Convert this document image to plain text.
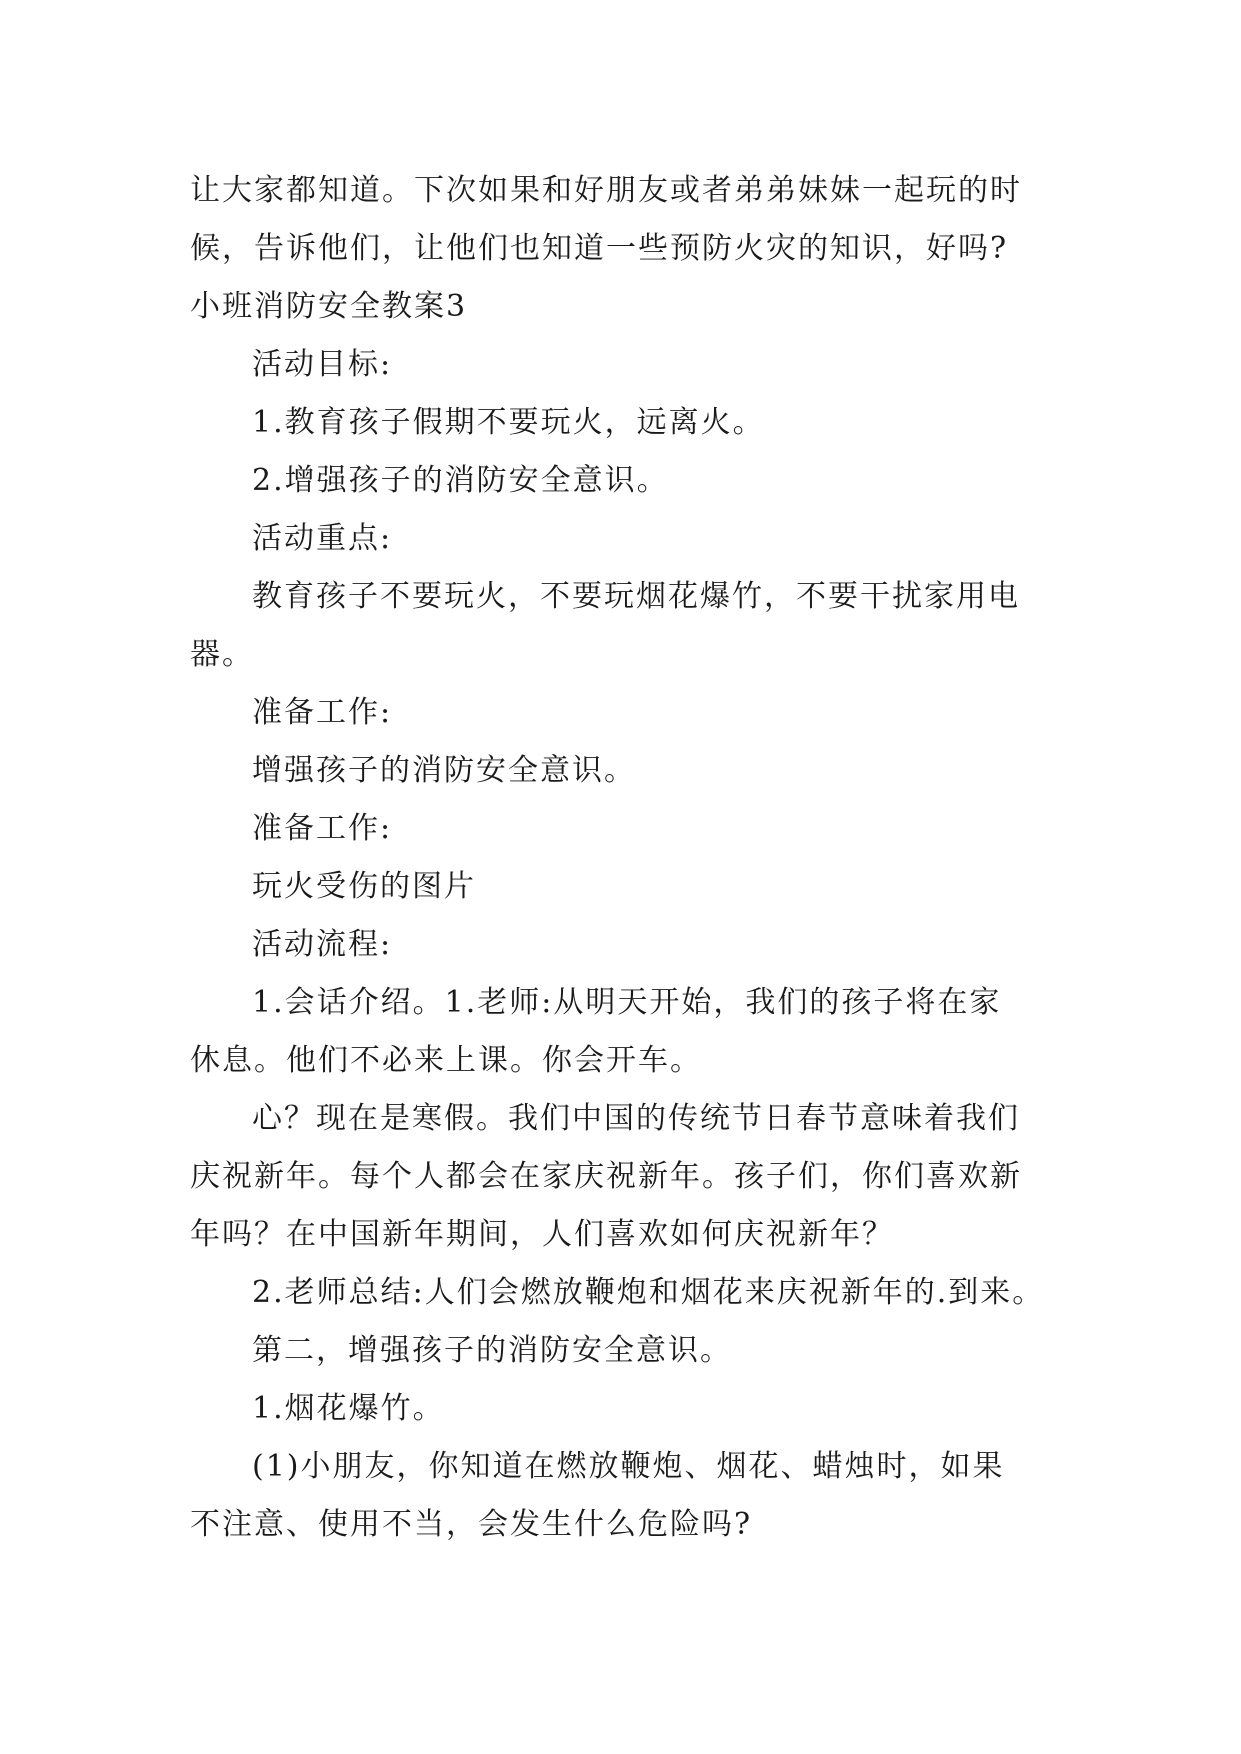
让大家都知道。下次如果和好朋友或者弟弟妹妹一起玩的时
候，告诉他们，让他们也知道一些预防火灾的知识，好吗?
小班消防安全教案3
活动目标:
1.教育孩子假期不要玩火，远离火。
2.增强孩子的消防安全意识。
活动重点:
教育孩子不要玩火，不要玩烟花爆竹，不要干扰家用电
器。
准备工作:
增强孩子的消防安全意识。
准备工作:
玩火受伤的图片
活动流程:
1.会话介绍。1.老师:从明天开始，我们的孩子将在家
休息。他们不必来上课。你会开车。
心？现在是寒假。我们中国的传统节日春节意味着我们
庆祝新年。每个人都会在家庆祝新年。孩子们，你们喜欢新
年吗？在中国新年期间，人们喜欢如何庆祝新年？
2.老师总结:人们会燃放鞭炮和烟花来庆祝新年的.到来。
第二，增强孩子的消防安全意识。
1.烟花爆竹。
(1)小朋友，你知道在燃放鞭炮、烟花、蜡烛时，如果
不注意、使用不当，会发生什么危险吗?
